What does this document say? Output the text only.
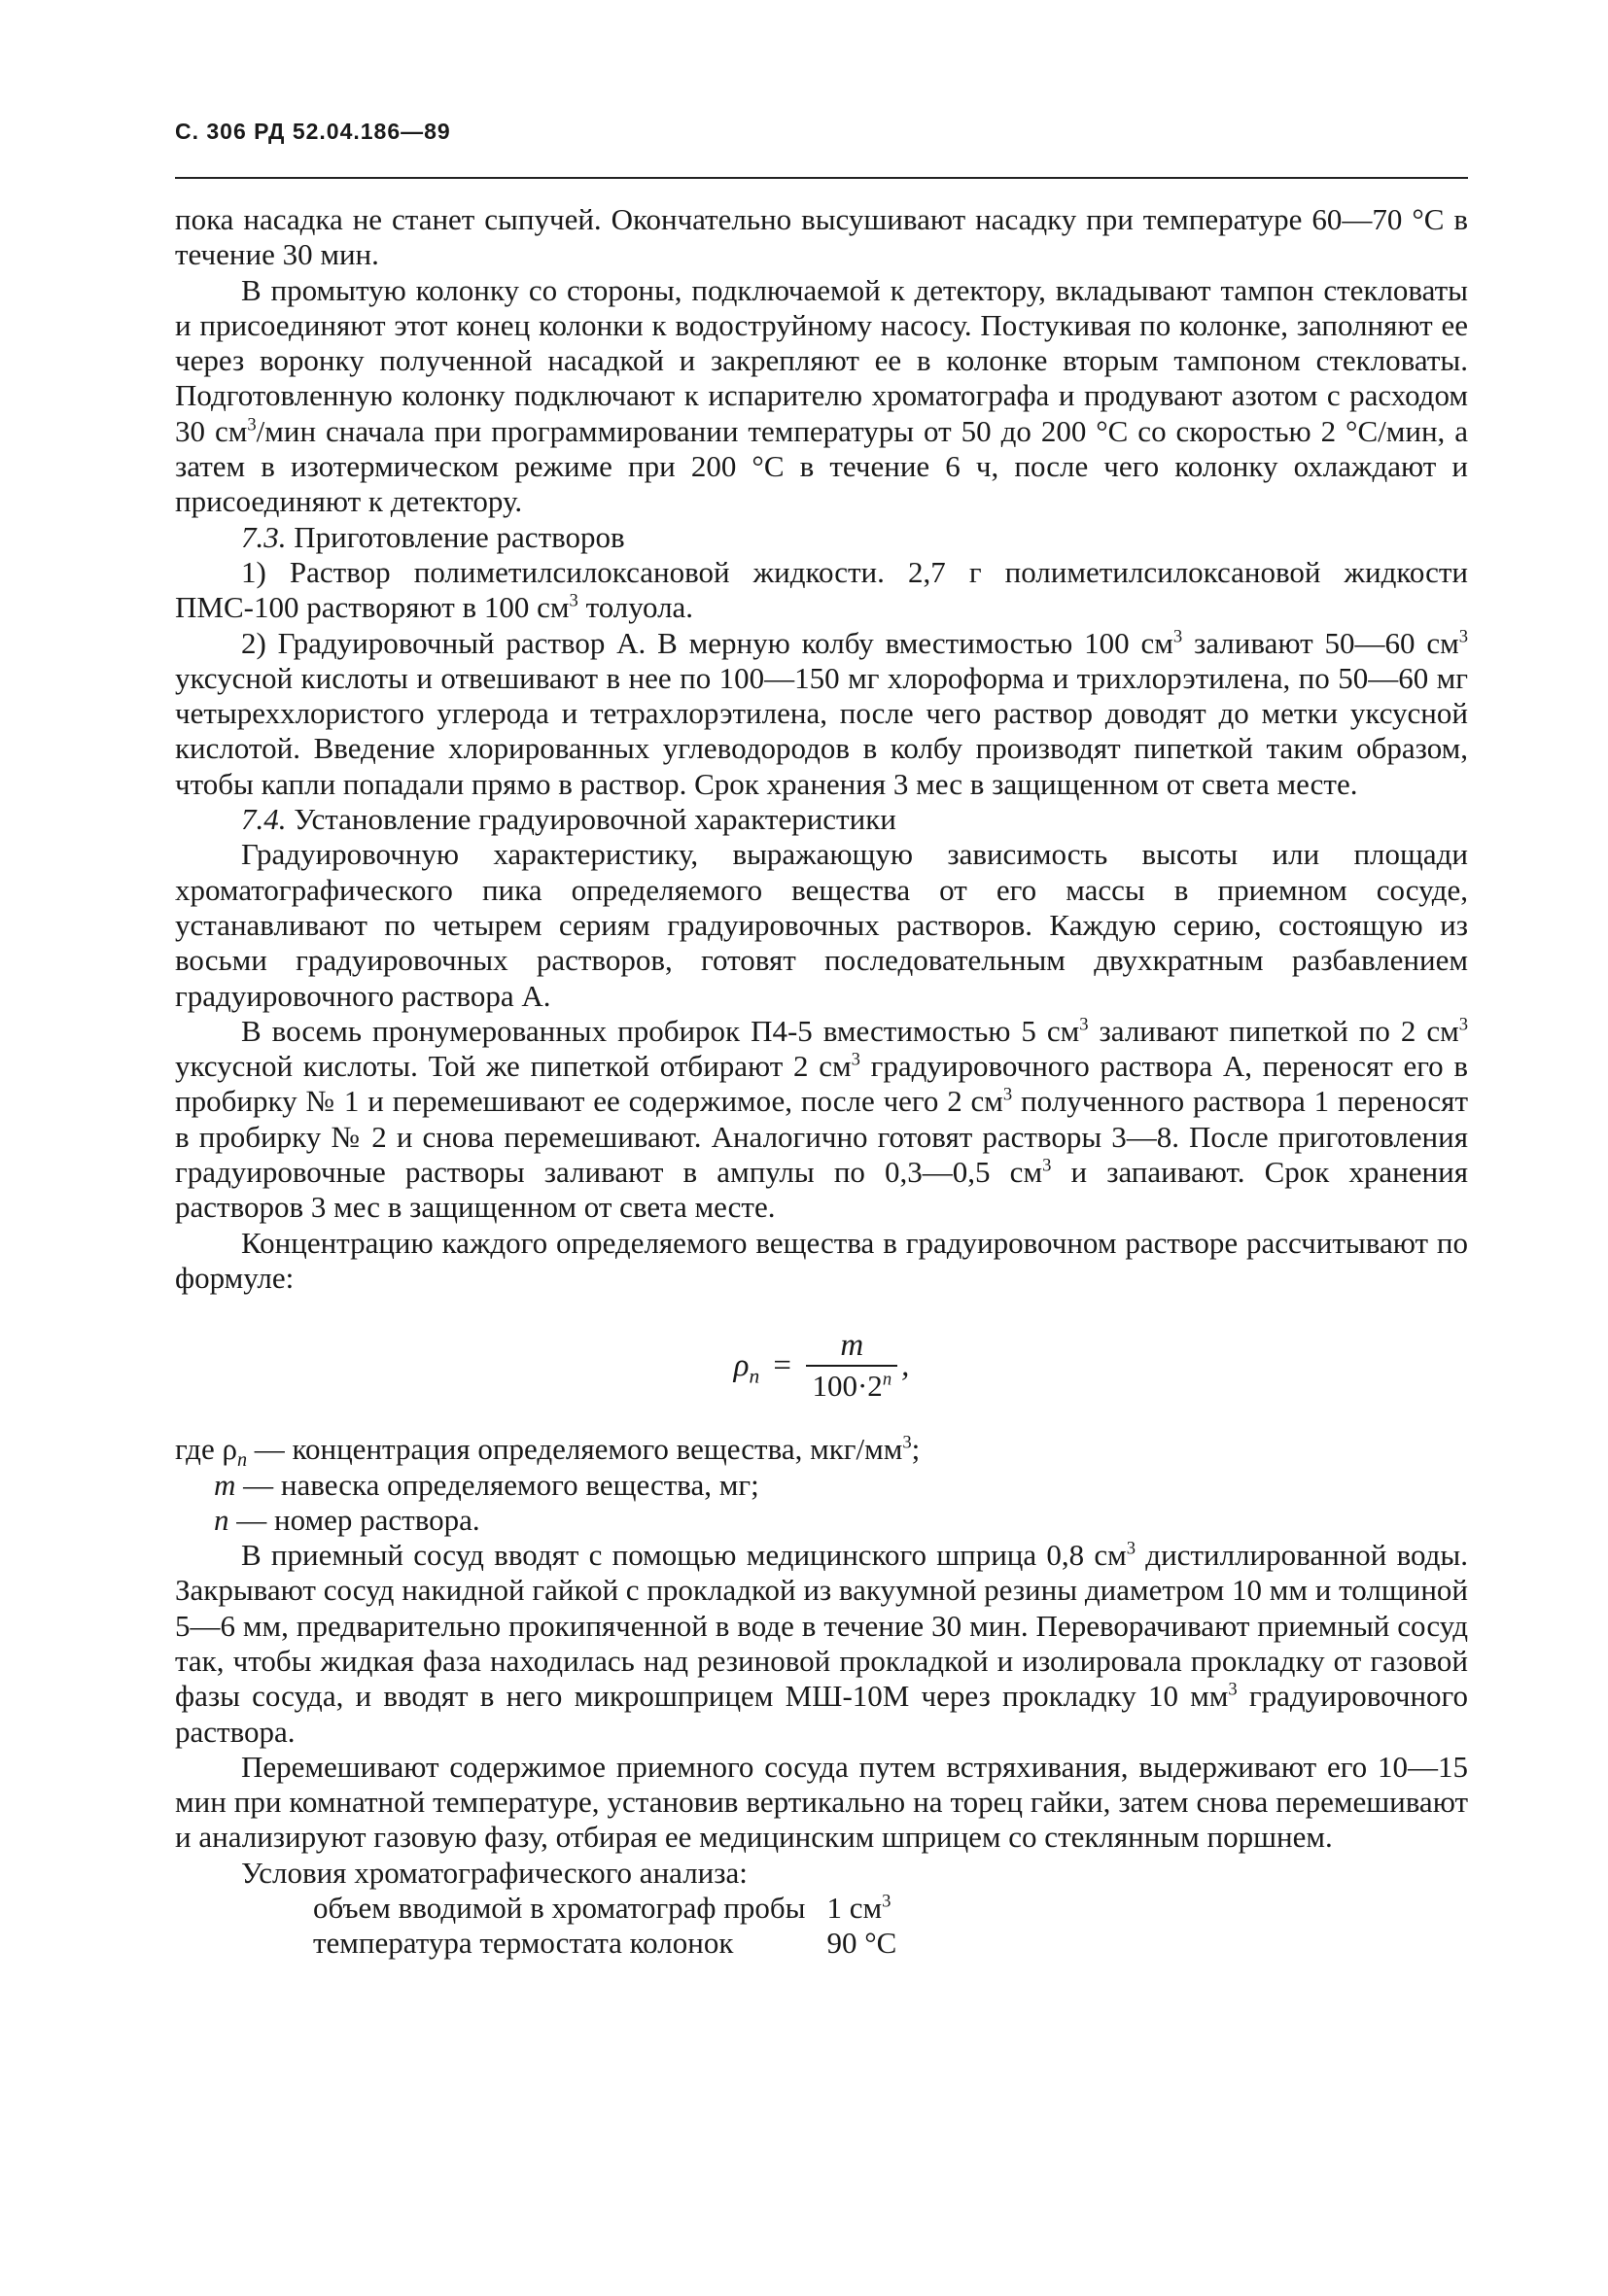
С. 306 РД 52.04.186—89

пока насадка не станет сыпучей. Окончательно высушивают насадку при температуре 60—70 °С в течение 30 мин.

В промытую колонку со стороны, подключаемой к детектору, вкладывают тампон стекловаты и присоединяют этот конец колонки к водоструйному насосу. Постукивая по колонке, заполняют ее через воронку полученной насадкой и закрепляют ее в колонке вторым тампоном стекловаты. Подготовленную колонку подключают к испарителю хроматографа и продувают азотом с расходом 30 $см^3$/мин сначала при программировании температуры от 50 до 200 °С со скоростью 2 °С/мин, а затем в изотермическом режиме при 200 °С в течение 6 ч, после чего колонку охлаждают и присоединяют к детектору.

7.3. Приготовление растворов

1) Раствор полиметилсилоксановой жидкости. 2,7 г полиметилсилоксановой жидкости ПМС-100 растворяют в 100 $см^3$ толуола.

2) Градуировочный раствор А. В мерную колбу вместимостью 100 $см^3$ заливают 50—60 $см^3$ уксусной кислоты и отвешивают в нее по 100—150 мг хлороформа и трихлорэтилена, по 50—60 мг четыреххлористого углерода и тетрахлорэтилена, после чего раствор доводят до метки уксусной кислотой. Введение хлорированных углеводородов в колбу производят пипеткой таким образом, чтобы капли попадали прямо в раствор. Срок хранения 3 мес в защищенном от света месте.

7.4. Установление градуировочной характеристики

Градуировочную характеристику, выражающую зависимость высоты или площади хроматографического пика определяемого вещества от его массы в приемном сосуде, устанавливают по четырем сериям градуировочных растворов. Каждую серию, состоящую из восьми градуировочных растворов, готовят последовательным двухкратным разбавлением градуировочного раствора А.

В восемь пронумерованных пробирок П4-5 вместимостью 5 $см^3$ заливают пипеткой по 2 $см^3$ уксусной кислоты. Той же пипеткой отбирают 2 $см^3$ градуировочного раствора А, переносят его в пробирку № 1 и перемешивают ее содержимое, после чего 2 $см^3$ полученного раствора 1 переносят в пробирку № 2 и снова перемешивают. Аналогично готовят растворы 3—8. После приготовления градуировочные растворы заливают в ампулы по 0,3—0,5 $см^3$ и запаивают. Срок хранения растворов 3 мес в защищенном от света месте.

Концентрацию каждого определяемого вещества в градуировочном растворе рассчитывают по формуле:

$\rho_n = \frac{m}{100\cdot 2^n}$ ,

где $\rho_n$ — концентрация определяемого вещества, мкг/$мм^3$;

m — навеска определяемого вещества, мг;

n — номер раствора.

В приемный сосуд вводят с помощью медицинского шприца 0,8 $см^3$ дистиллированной воды. Закрывают сосуд накидной гайкой с прокладкой из вакуумной резины диаметром 10 мм и толщиной 5—6 мм, предварительно прокипяченной в воде в течение 30 мин. Переворачивают приемный сосуд так, чтобы жидкая фаза находилась над резиновой прокладкой и изолировала прокладку от газовой фазы сосуда, и вводят в него микрошприцем МШ-10М через прокладку 10 $мм^3$ градуировочного раствора.

Перемешивают содержимое приемного сосуда путем встряхивания, выдерживают его 10—15 мин при комнатной температуре, установив вертикально на торец гайки, затем снова перемешивают и анализируют газовую фазу, отбирая ее медицинским шприцем со стеклянным поршнем.

Условия хроматографического анализа:

объем вводимой в хроматограф пробы	1 $см^3$
температура термостата колонок	90 °С
